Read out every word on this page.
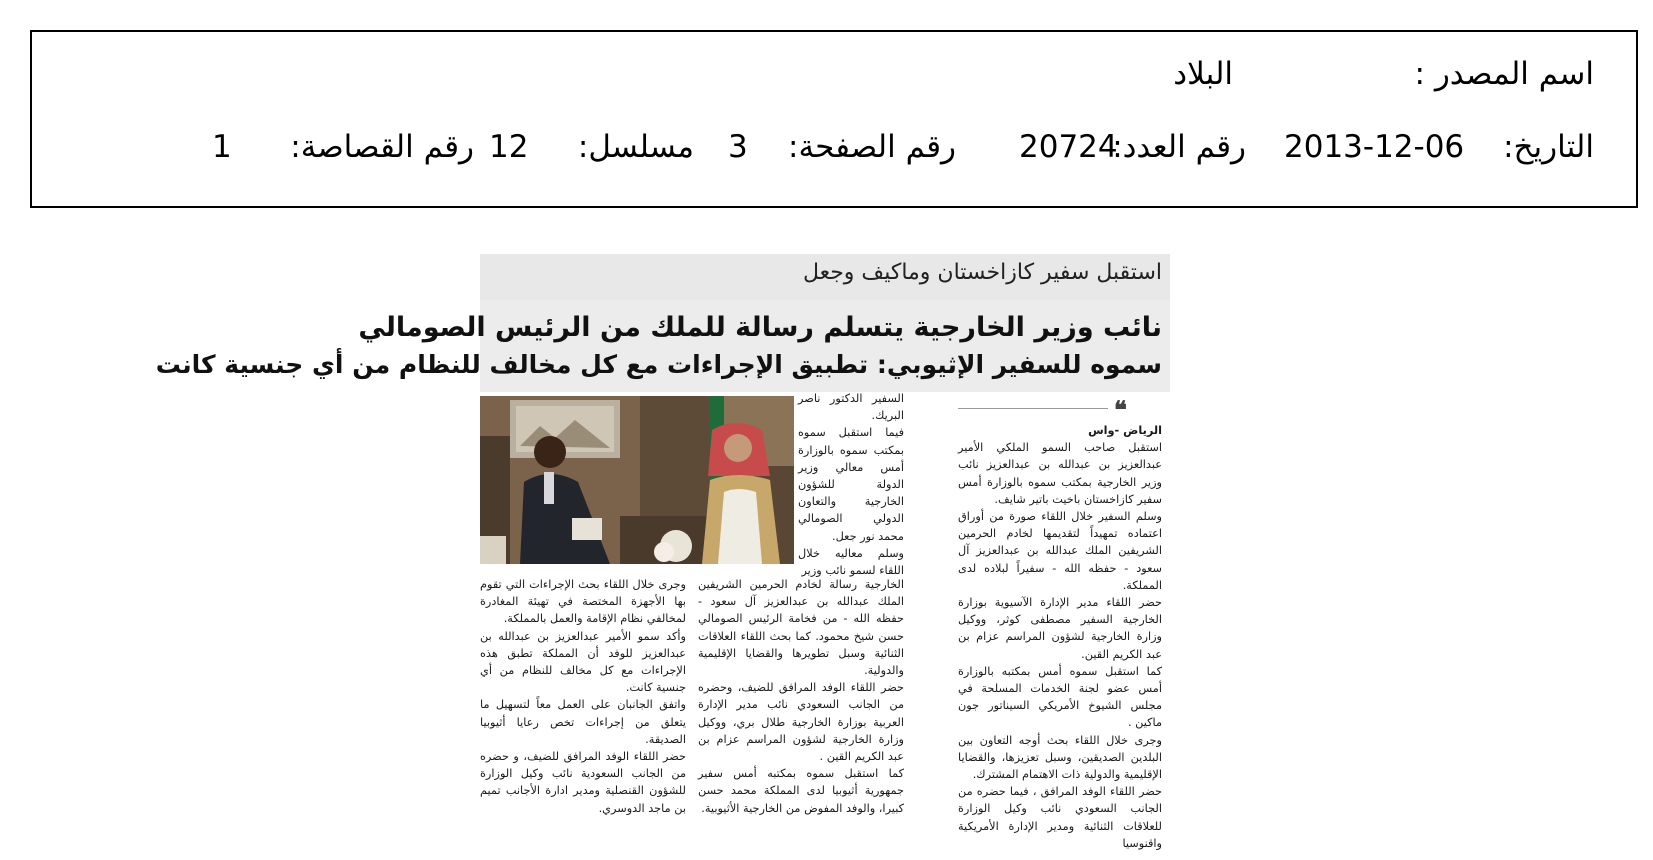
اسم المصدر :
البلاد
التاريخ:
2013-12-06
رقم العدد:
20724
رقم الصفحة:
3
مسلسل:
12
رقم القصاصة:
1
استقبل سفير كازاخستان وماكيف وجعل
نائب وزير الخارجية يتسلم رسالة للملك من الرئيس الصومالي
سموه للسفير الإثيوبي: تطبيق الإجراءات مع كل مخالف للنظام من أي جنسية كانت
❝

الرياض -واس

استقبل صاحب السمو الملكي الأمير عبدالعزيز بن عبدالله بن عبدالعزيز نائب وزير الخارجية بمكتب سموه بالوزارة أمس سفير كازاخستان باخيت باتير شايف.

وسلم السفير خلال اللقاء صورة من أوراق اعتماده تمهيداً لتقديمها لخادم الحرمين الشريفين الملك عبدالله بن عبدالعزيز آل سعود - حفظه الله - سفيراً لبلاده لدى المملكة.

حضر اللقاء مدير الإدارة الآسيوية بوزارة الخارجية السفير مصطفى كوثر، ووكيل وزارة الخارجية لشؤون المراسم عزام بن عبد الكريم القين.

كما استقبل سموه أمس بمكتبه بالوزارة أمس عضو لجنة الخدمات المسلحة في مجلس الشيوخ الأمريكي السيناتور جون ماكين .

وجرى خلال اللقاء بحث أوجه التعاون بين البلدين الصديقين، وسبل تعزيزها، والقضايا الإقليمية والدولية ذات الاهتمام المشترك.

حضر اللقاء الوفد المرافق ، فيما حضره من الجانب السعودي نائب وكيل الوزارة للعلاقات الثنائية ومدير الإدارة الأمريكية واقنوسيا

السفير الدكتور ناصر البريك.

فيما استقبل سموه بمكتب سموه بالوزارة أمس معالي وزير الدولة للشؤون الخارجية والتعاون الدولي الصومالي محمد نور جعل.

وسلم معاليه خلال اللقاء لسمو نائب وزير

الخارجية رسالة لخادم الحرمين الشريفين الملك عبدالله بن عبدالعزيز آل سعود - حفظه الله - من فخامة الرئيس الصومالي حسن شيخ محمود. كما بحث اللقاء العلاقات الثنائية وسبل تطويرها والقضايا الإقليمية والدولية.

حضر اللقاء الوفد المرافق للضيف، وحضره من الجانب السعودي نائب مدير الإدارة العربية بوزارة الخارجية طلال بري، ووكيل وزارة الخارجية لشؤون المراسم عزام بن عبد الكريم القين .

كما استقبل سموه بمكتبه أمس سفير جمهورية أثيوبيا لدى المملكة محمد حسن كبيرا، والوفد المفوض من الخارجية الأثيوبية.

وجرى خلال اللقاء بحث الإجراءات التي تقوم بها الأجهزة المختصة في تهيئة المغادرة لمخالفي نظام الإقامة والعمل بالمملكة.

وأكد سمو الأمير عبدالعزيز بن عبدالله بن عبدالعزيز للوفد أن المملكة تطبق هذه الإجراءات مع كل مخالف للنظام من أي جنسية كانت.

واتفق الجانبان على العمل معاً لتسهيل ما يتعلق من إجراءات تخص رعايا أثيوبيا الصديقة.

حضر اللقاء الوفد المرافق للضيف، و حضره من الجانب السعودية نائب وكيل الوزارة للشؤون القنصلية ومدير ادارة الأجانب تميم بن ماجد الدوسري.
